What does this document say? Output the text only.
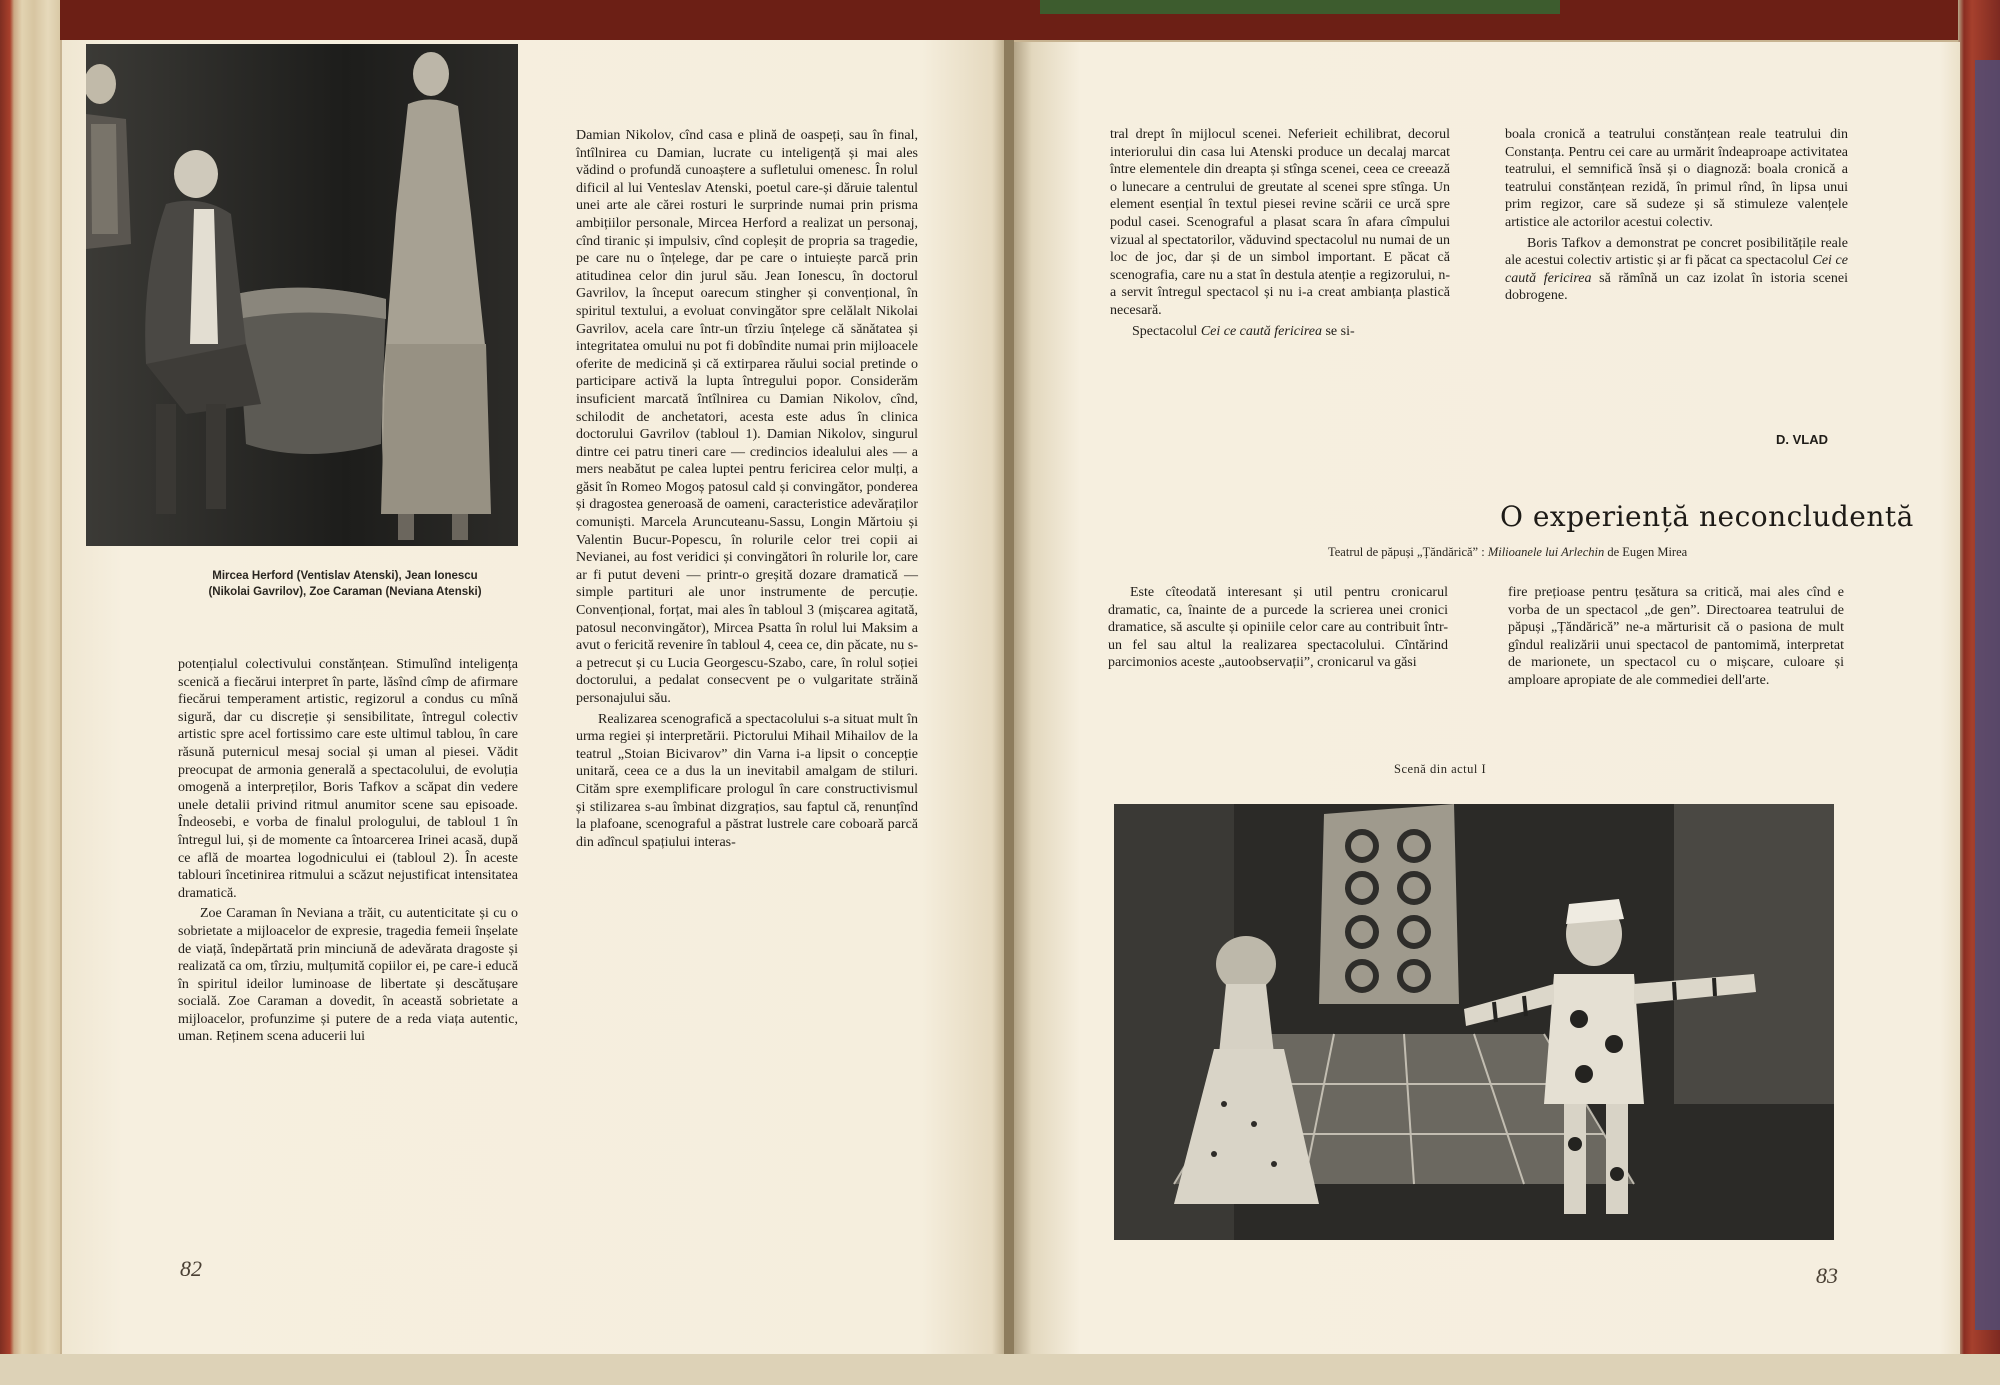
Mircea Herford (Ventislav Atenski), Jean Ionescu (Nikolai Gavrilov), Zoe Caraman (Neviana Atenski)

potențialul colectivului constănțean. Stimulînd inteligența scenică a fiecărui interpret în parte, lăsînd cîmp de afirmare fiecărui temperament artistic, regizorul a condus cu mînă sigură, dar cu discreție și sensibilitate, întregul colectiv artistic spre acel fortissimo care este ultimul tablou, în care răsună puternicul mesaj social și uman al piesei. Vădit preocupat de armonia generală a spectacolului, de evoluția omogenă a interpreților, Boris Tafkov a scăpat din vedere unele detalii privind ritmul anumitor scene sau episoade. Îndeosebi, e vorba de finalul prologului, de tabloul 1 în întregul lui, și de momente ca întoarcerea Irinei acasă, după ce află de moartea logodnicului ei (tabloul 2). În aceste tablouri încetinirea ritmului a scăzut nejustificat intensitatea dramatică.

Zoe Caraman în Neviana a trăit, cu autenticitate și cu o sobrietate a mijloacelor de expresie, tragedia femeii înșelate de viață, îndepărtată prin minciună de adevărata dragoste și realizată ca om, tîrziu, mulțumită copiilor ei, pe care-i educă în spiritul ideilor luminoase de libertate și descătușare socială. Zoe Caraman a dovedit, în această sobrietate a mijloacelor, profunzime și putere de a reda viața autentic, uman. Reținem scena aducerii lui

Damian Nikolov, cînd casa e plină de oaspeți, sau în final, întîlnirea cu Damian, lucrate cu inteligență și mai ales vădind o profundă cunoaștere a sufletului omenesc. În rolul dificil al lui Venteslav Atenski, poetul care-și dăruie talentul unei arte ale cărei rosturi le surprinde numai prin prisma ambițiilor personale, Mircea Herford a realizat un personaj, cînd tiranic și impulsiv, cînd copleșit de propria sa tragedie, pe care nu o înțelege, dar pe care o intuiește parcă prin atitudinea celor din jurul său. Jean Ionescu, în doctorul Gavrilov, la început oarecum stingher și convențional, în spiritul textului, a evoluat convingător spre celălalt Nikolai Gavrilov, acela care într-un tîrziu înțelege că sănătatea și integritatea omului nu pot fi dobîndite numai prin mijloacele oferite de medicină și că extirparea răului social pretinde o participare activă la lupta întregului popor. Considerăm insuficient marcată întîlnirea cu Damian Nikolov, cînd, schilodit de anchetatori, acesta este adus în clinica doctorului Gavrilov (tabloul 1). Damian Nikolov, singurul dintre cei patru tineri care — credincios idealului ales — a mers neabătut pe calea luptei pentru fericirea celor mulți, a găsit în Romeo Mogoș patosul cald și convingător, ponderea și dragostea generoasă de oameni, caracteristice adevăraților comuniști. Marcela Aruncuteanu-Sassu, Longin Mărtoiu și Valentin Bucur-Popescu, în rolurile celor trei copii ai Nevianei, au fost veridici și convingători în rolurile lor, care ar fi putut deveni — printr-o greșită dozare dramatică — simple partituri ale unor instrumente de percuție. Convențional, forțat, mai ales în tabloul 3 (mișcarea agitată, patosul neconvingător), Mircea Psatta în rolul lui Maksim a avut o fericită revenire în tabloul 4, ceea ce, din păcate, nu s-a petrecut și cu Lucia Georgescu-Szabo, care, în rolul soției doctorului, a pedalat consecvent pe o vulgaritate străină personajului său.

Realizarea scenografică a spectacolului s-a situat mult în urma regiei și interpretării. Pictorului Mihail Mihailov de la teatrul „Stoian Bicivarov” din Varna i-a lipsit o concepție unitară, ceea ce a dus la un inevitabil amalgam de stiluri. Cităm spre exemplificare prologul în care constructivismul și stilizarea s-au îmbinat dizgrațios, sau faptul că, renunțînd la plafoane, scenograful a păstrat lustrele care coboară parcă din adîncul spațiului interas-

82

tral drept în mijlocul scenei. Neferieit echilibrat, decorul interiorului din casa lui Atenski produce un decalaj marcat între elementele din dreapta și stînga scenei, ceea ce creează o lunecare a centrului de greutate al scenei spre stînga. Un element esențial în textul piesei revine scării ce urcă spre podul casei. Scenograful a plasat scara în afara cîmpului vizual al spectatorilor, văduvind spectacolul nu numai de un loc de joc, dar și de un simbol important. E păcat că scenografia, care nu a stat în destula atenție a regizorului, n-a servit întregul spectacol și nu i-a creat ambianța plastică necesară.

Spectacolul Cei ce caută fericirea se si-

boala cronică a teatrului constănțean reale teatrului din Constanța. Pentru cei care au urmărit îndeaproape activitatea teatrului, el semnifică însă și o diagnoză: boala cronică a teatrului constănțean rezidă, în primul rînd, în lipsa unui prim regizor, care să sudeze și să stimuleze valențele artistice ale actorilor acestui colectiv.

Boris Tafkov a demonstrat pe concret posibilitățile reale ale acestui colectiv artistic și ar fi păcat ca spectacolul Cei ce caută fericirea să rămînă un caz izolat în istoria scenei dobrogene.

D. VLAD
O experiență neconcludentă
Teatrul de păpuși „Țăndărică” : Milioanele lui Arlechin de Eugen Mirea

Este cîteodată interesant și util pentru cronicarul dramatic, ca, înainte de a purcede la scrierea unei cronici dramatice, să asculte și opiniile celor care au contribuit într-un fel sau altul la realizarea spectacolului. Cîntărind parcimonios aceste „autoobservații”, cronicarul va găsi

fire prețioase pentru țesătura sa critică, mai ales cînd e vorba de un spectacol „de gen”. Directoarea teatrului de păpuși „Țăndărică” ne-a mărturisit că o pasiona de mult gîndul realizării unui spectacol de pantomimă, interpretat de marionete, un spectacol cu o mișcare, culoare și amploare apropiate de ale commediei dell'arte.

Scenă din actul I
83
